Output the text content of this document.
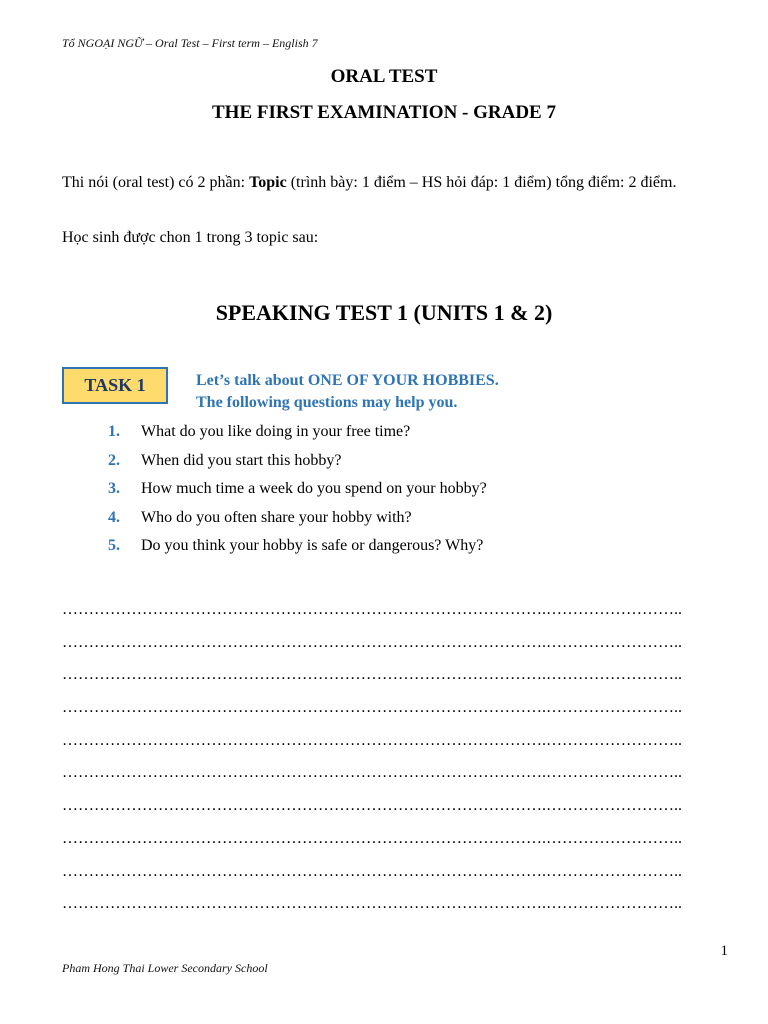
Tổ NGOẠI NGỮ – Oral Test – First term – English 7
ORAL TEST
THE FIRST EXAMINATION - GRADE 7
Thi nói (oral test) có 2 phần: Topic (trình bày: 1 điểm – HS hỏi đáp: 1 điểm) tổng điểm: 2 điểm.
Học sinh được chon 1 trong 3 topic sau:
SPEAKING TEST 1 (UNITS 1 & 2)
TASK 1	Let’s talk about ONE OF YOUR HOBBIES.
The following questions may help you.
1.	What do you like doing in your free time?
2.	When did you start this hobby?
3.	How much time a week do you spend on your hobby?
4.	Who do you often share your hobby with?
5.	Do you think your hobby is safe or dangerous? Why?
……………………………………………………………………………….……………………..
……………………………………………………………………………….……………………..
……………………………………………………………………………….……………………..
……………………………………………………………………………….……………………..
……………………………………………………………………………….……………………..
……………………………………………………………………………….……………………..
……………………………………………………………………………….……………………..
……………………………………………………………………………….……………………..
……………………………………………………………………………….……………………..
……………………………………………………………………………….……………………..
1
Pham Hong Thai Lower Secondary School
